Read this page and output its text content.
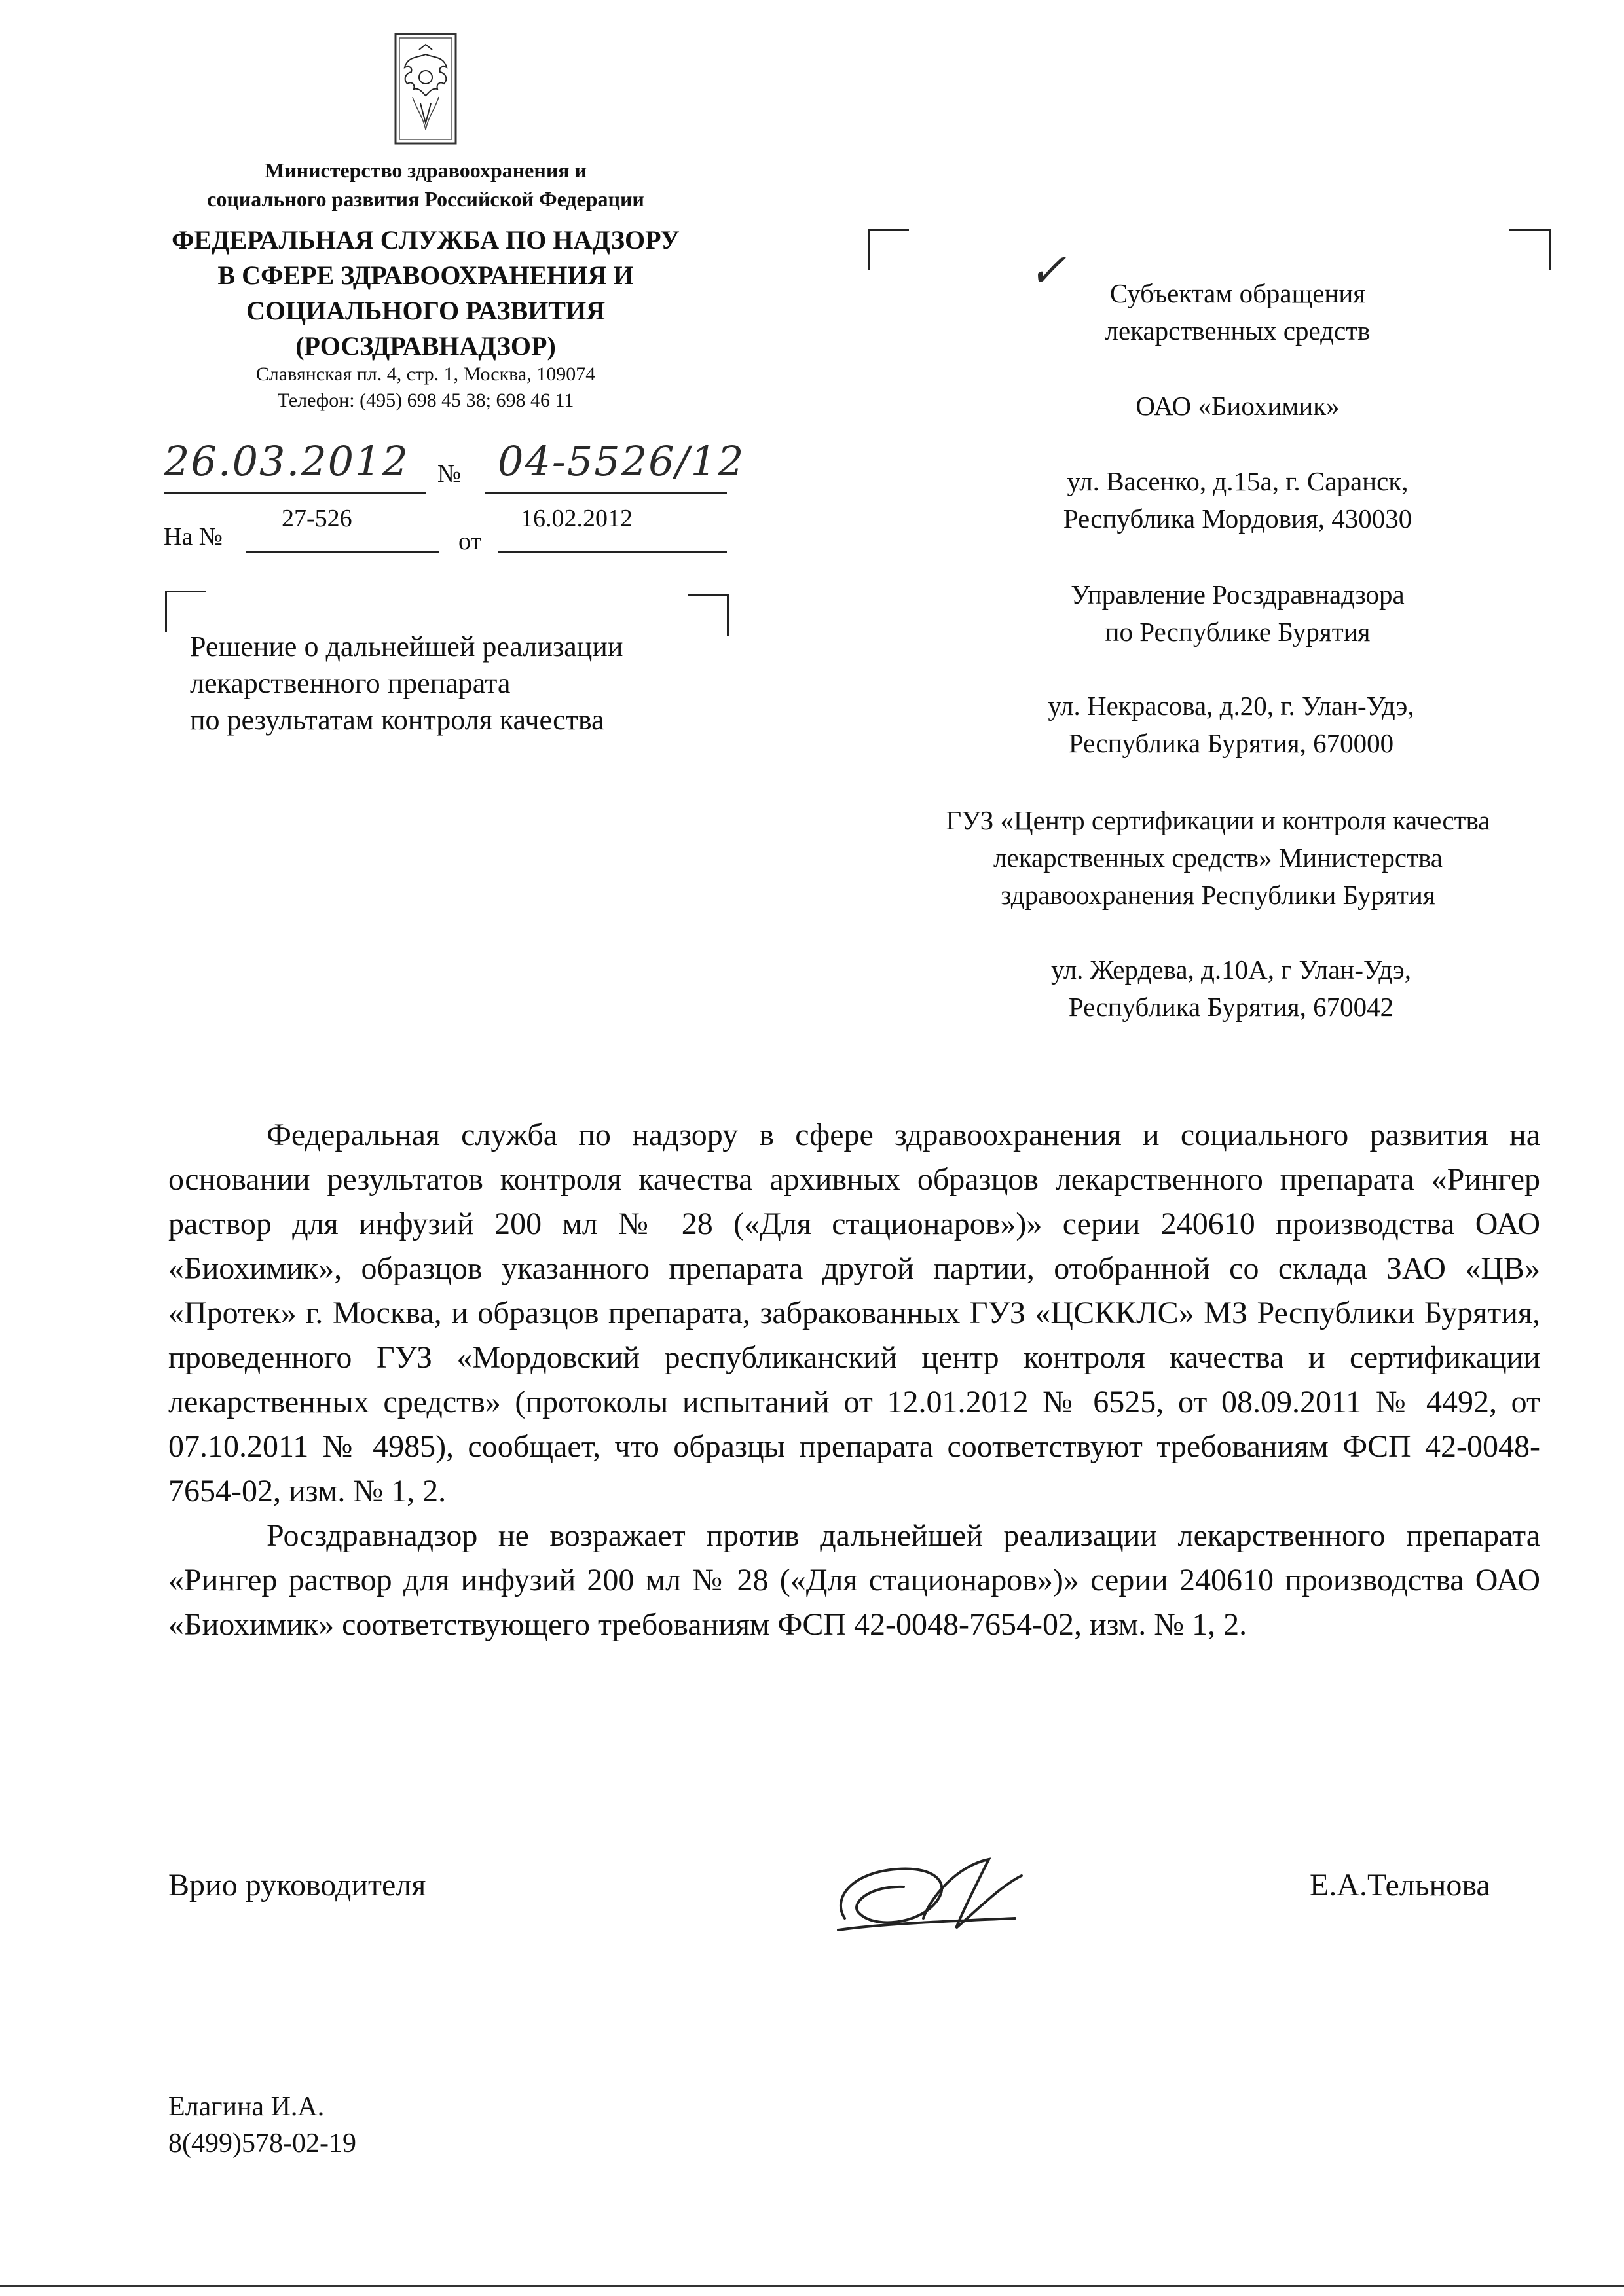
Министерство здравоохранения и
социального развития Российской Федерации
ФЕДЕРАЛЬНАЯ СЛУЖБА ПО НАДЗОРУ
В СФЕРЕ ЗДРАВООХРАНЕНИЯ И
СОЦИАЛЬНОГО РАЗВИТИЯ
(РОСЗДРАВНАДЗОР)
Славянская пл. 4, стр. 1, Москва, 109074
Телефон: (495) 698 45 38; 698 46 11
26.03.2012 № 04-5526/12
На №
27-526
от
16.02.2012
Решение о дальнейшей реализации
лекарственного препарата
по результатам контроля качества
✓	Субъектам обращения
лекарственных средств
ОАО «Биохимик»
ул. Васенко, д.15а, г. Саранск,
Республика Мордовия, 430030
Управление Росздравнадзора
по Республике Бурятия
ул. Некрасова, д.20, г. Улан-Удэ,
Республика Бурятия, 670000
ГУЗ «Центр сертификации и контроля качества
лекарственных средств» Министерства
здравоохранения Республики Бурятия
ул. Жердева, д.10А, г Улан-Удэ,
Республика Бурятия, 670042

Федеральная служба по надзору в сфере здравоохранения и социального развития на основании результатов контроля качества архивных образцов лекарственного препарата «Рингер раствор для инфузий 200 мл № 28 («Для стационаров»)» серии 240610 производства ОАО «Биохимик», образцов указанного препарата другой партии, отобранной со склада ЗАО «ЦВ» «Протек» г. Москва, и образцов препарата, забракованных ГУЗ «ЦСККЛС» МЗ Республики Бурятия, проведенного ГУЗ «Мордовский республиканский центр контроля качества и сертификации лекарственных средств» (протоколы испытаний от 12.01.2012 № 6525, от 08.09.2011 № 4492, от 07.10.2011 № 4985), сообщает, что образцы препарата соответствуют требованиям ФСП 42-0048-7654-02, изм. № 1, 2.

Росздравнадзор не возражает против дальнейшей реализации лекарственного препарата «Рингер раствор для инфузий 200 мл № 28 («Для стационаров»)» серии 240610 производства ОАО «Биохимик» соответствующего требованиям ФСП 42-0048-7654-02, изм. № 1, 2.

Врио руководителя	Е.А.Тельнова
Елагина И.А.
8(499)578-02-19
